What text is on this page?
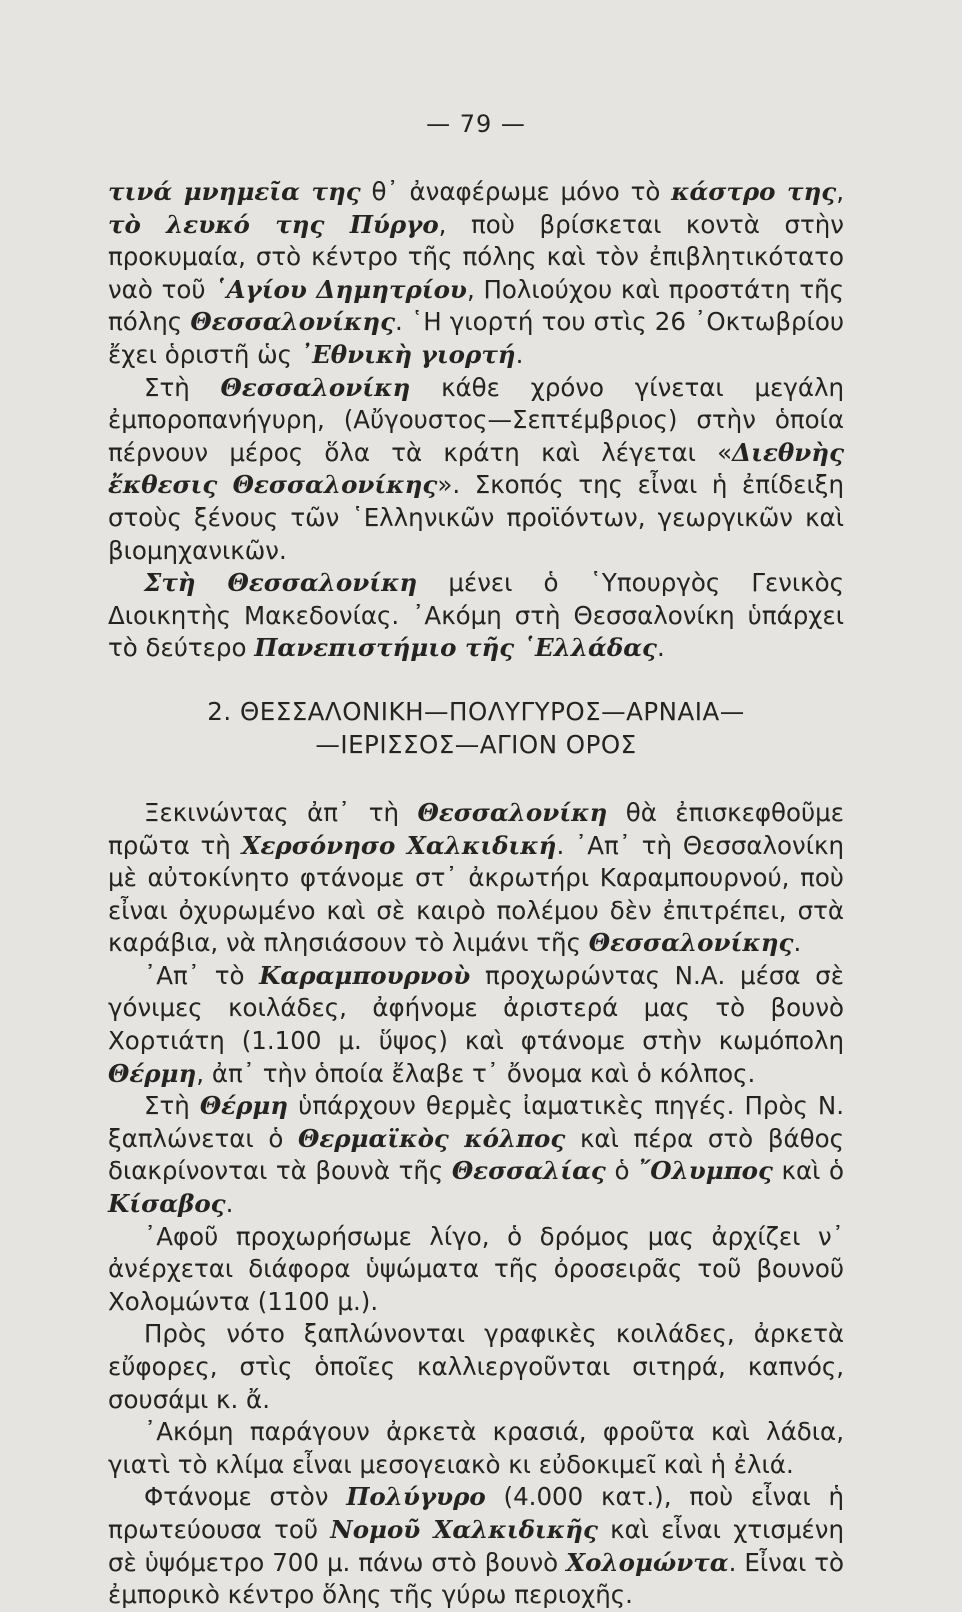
— 79 —

τινά μνημεῖα της θ᾽ ἀναφέρωμε μόνο τὸ κάστρο της, τὸ λευκό της Πύργο, ποὺ βρίσκεται κοντὰ στὴν προκυμαία, στὸ κέντρο τῆς πόλης καὶ τὸν ἐπιβλητικότατο ναὸ τοῦ ῾Αγίου Δημητρίου, Πολιούχου καὶ προστάτη τῆς πόλης Θεσσαλονίκης. ῾Η γιορτή του στὶς 26 ᾽Οκτωβρίου ἔχει ὁριστῆ ὡς ᾽Εθνικὴ γιορτή.

Στὴ Θεσσαλονίκη κάθε χρόνο γίνεται μεγάλη ἐμποροπανήγυρη, (Αὔγουστος—Σεπτέμβριος) στὴν ὁποία πέρνουν μέρος ὅλα τὰ κράτη καὶ λέγεται «Διεθνὴς ἔκθεσις Θεσσαλονίκης». Σκοπός της εἶναι ἡ ἐπίδειξη στοὺς ξένους τῶν ῾Ελληνικῶν προϊόντων, γεωργικῶν καὶ βιομηχανικῶν.

Στὴ Θεσσαλονίκη μένει ὁ ῾Υπουργὸς Γενικὸς Διοικητὴς Μακεδονίας. ᾽Ακόμη στὴ Θεσσαλονίκη ὑπάρχει τὸ δεύτερο Πανεπιστήμιο τῆς ῾Ελλάδας.

2. ΘΕΣΣΑΛΟΝΙΚΗ—ΠΟΛΥΓΥΡΟΣ—ΑΡΝΑΙΑ—
—ΙΕΡΙΣΣΟΣ—ΑΓΙΟΝ ΟΡΟΣ

Ξεκινώντας ἀπ᾽ τὴ Θεσσαλονίκη θὰ ἐπισκεφθοῦμε πρῶτα τὴ Χερσόνησο Χαλκιδική. ᾽Απ᾽ τὴ Θεσσαλονίκη μὲ αὐτοκίνητο φτάνομε στ᾽ ἀκρωτήρι Καραμπουρνού, ποὺ εἶναι ὀχυρωμένο καὶ σὲ καιρὸ πολέμου δὲν ἐπιτρέπει, στὰ καράβια, νὰ πλησιάσουν τὸ λιμάνι τῆς Θεσσαλονίκης.

᾽Απ᾽ τὸ Καραμπουρνοὺ προχωρώντας Ν.Α. μέσα σὲ γόνιμες κοιλάδες, ἀφήνομε ἀριστερά μας τὸ βουνὸ Χορτιάτη (1.100 μ. ὕψος) καὶ φτάνομε στὴν κωμόπολη Θέρμη, ἀπ᾽ τὴν ὁποία ἔλαβε τ᾽ ὄνομα καὶ ὁ κόλπος.

Στὴ Θέρμη ὑπάρχουν θερμὲς ἰαματικὲς πηγές. Πρὸς Ν. ξαπλώνεται ὁ Θερμαϊκὸς κόλπος καὶ πέρα στὸ βάθος διακρίνονται τὰ βουνὰ τῆς Θεσσαλίας ὁ ῎Ολυμπος καὶ ὁ Κίσαβος.

᾽Αφοῦ προχωρήσωμε λίγο, ὁ δρόμος μας ἀρχίζει ν᾽ ἀνέρχεται διάφορα ὑψώματα τῆς ὀροσειρᾶς τοῦ βουνοῦ Χολομώντα (1100 μ.).

Πρὸς νότο ξαπλώνονται γραφικὲς κοιλάδες, ἀρκετὰ εὔφορες, στὶς ὁποῖες καλλιεργοῦνται σιτηρά, καπνός, σουσάμι κ. ἄ.

᾽Ακόμη παράγουν ἀρκετὰ κρασιά, φροῦτα καὶ λάδια, γιατὶ τὸ κλίμα εἶναι μεσογειακὸ κι εὐδοκιμεῖ καὶ ἡ ἐλιά.

Φτάνομε στὸν Πολύγυρο (4.000 κατ.), ποὺ εἶναι ἡ πρωτεύουσα τοῦ Νομοῦ Χαλκιδικῆς καὶ εἶναι χτισμένη σὲ ὑψόμετρο 700 μ. πάνω στὸ βουνὸ Χολομώντα. Εἶναι τὸ ἐμπορικὸ κέντρο ὅλης τῆς γύρω περιοχῆς.
